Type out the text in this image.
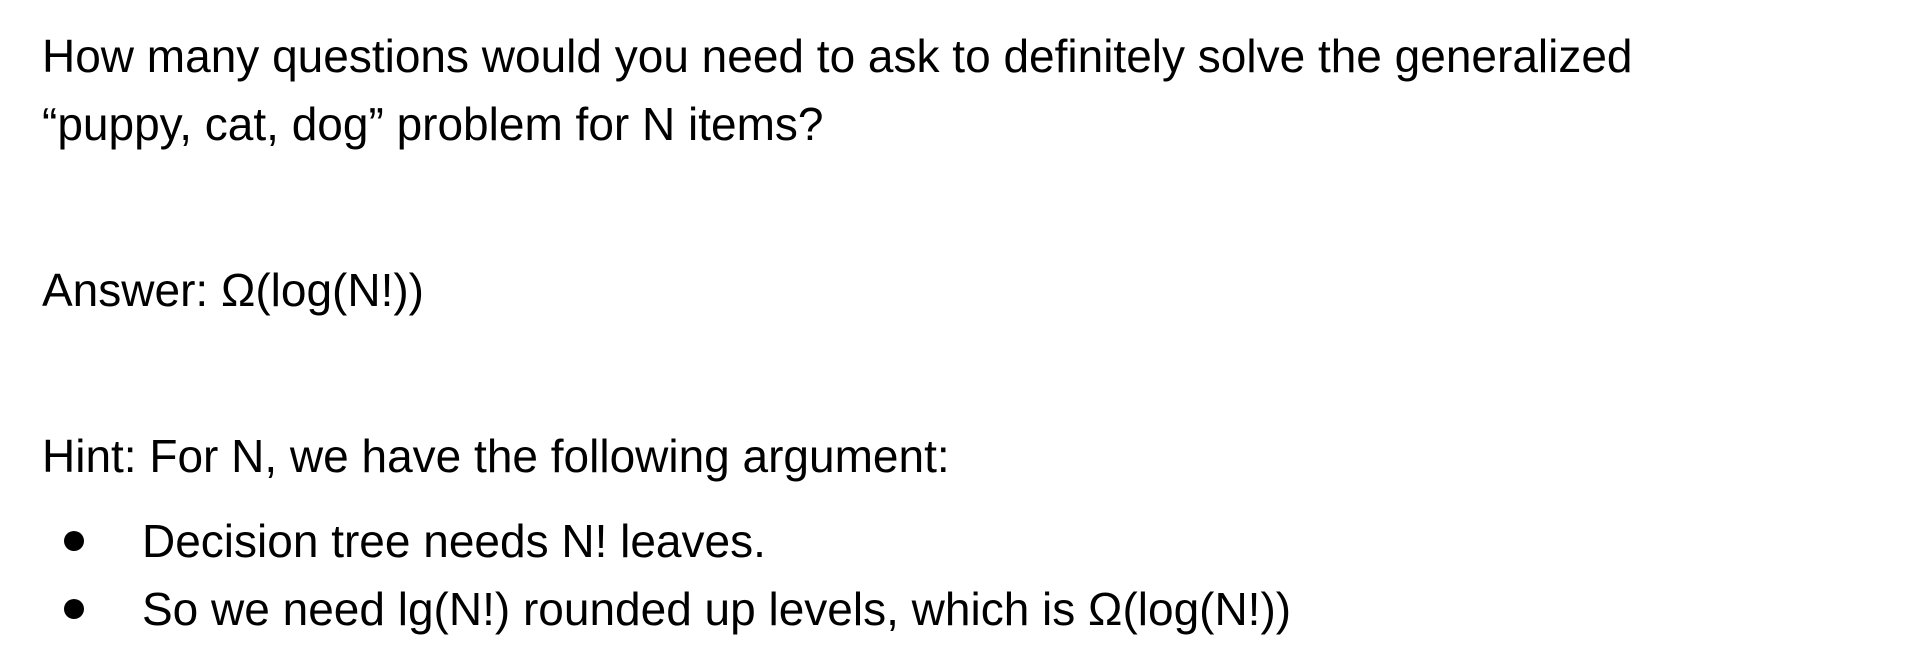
How many questions would you need to ask to definitely solve the generalized
“puppy, cat, dog” problem for N items?
Answer: Ω(log(N!))
Hint: For N, we have the following argument:
Decision tree needs N! leaves.
So we need lg(N!) rounded up levels, which is Ω(log(N!))
